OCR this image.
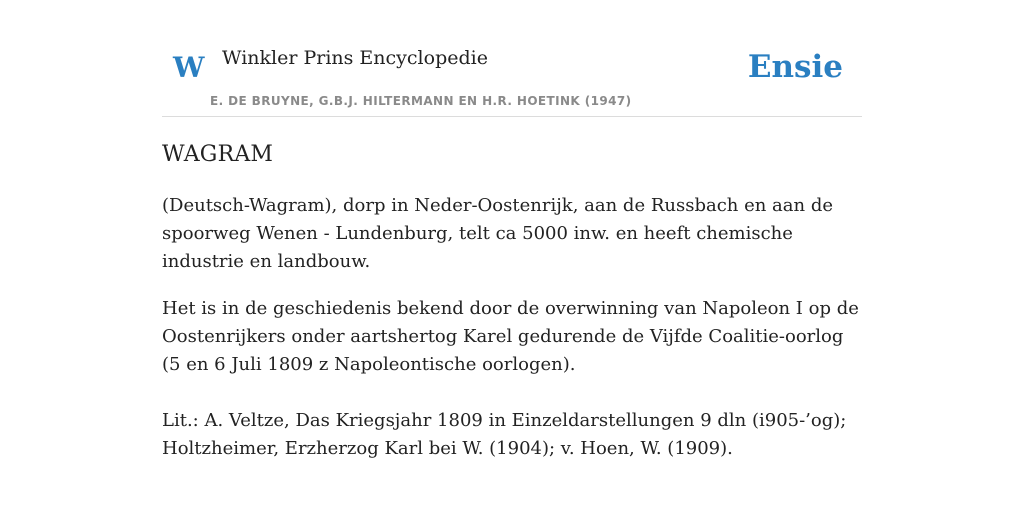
W Winkler Prins Encyclopedie
E. DE BRUYNE, G.B.J. HILTERMANN EN H.R. HOETINK (1947)
Ensie
WAGRAM

(Deutsch-Wagram), dorp in Neder-Oostenrijk, aan de Russbach en aan de spoorweg Wenen - Lundenburg, telt ca 5000 inw. en heeft chemische industrie en landbouw.

Het is in de geschiedenis bekend door de overwinning van Napoleon I op de Oostenrijkers onder aartshertog Karel gedurende de Vijfde Coalitie-oorlog (5 en 6 Juli 1809 z Napoleontische oorlogen).

Lit.: A. Veltze, Das Kriegsjahr 1809 in Einzeldarstellungen 9 dln (i905-’og); Holtzheimer, Erzherzog Karl bei W. (1904); v. Hoen, W. (1909).
